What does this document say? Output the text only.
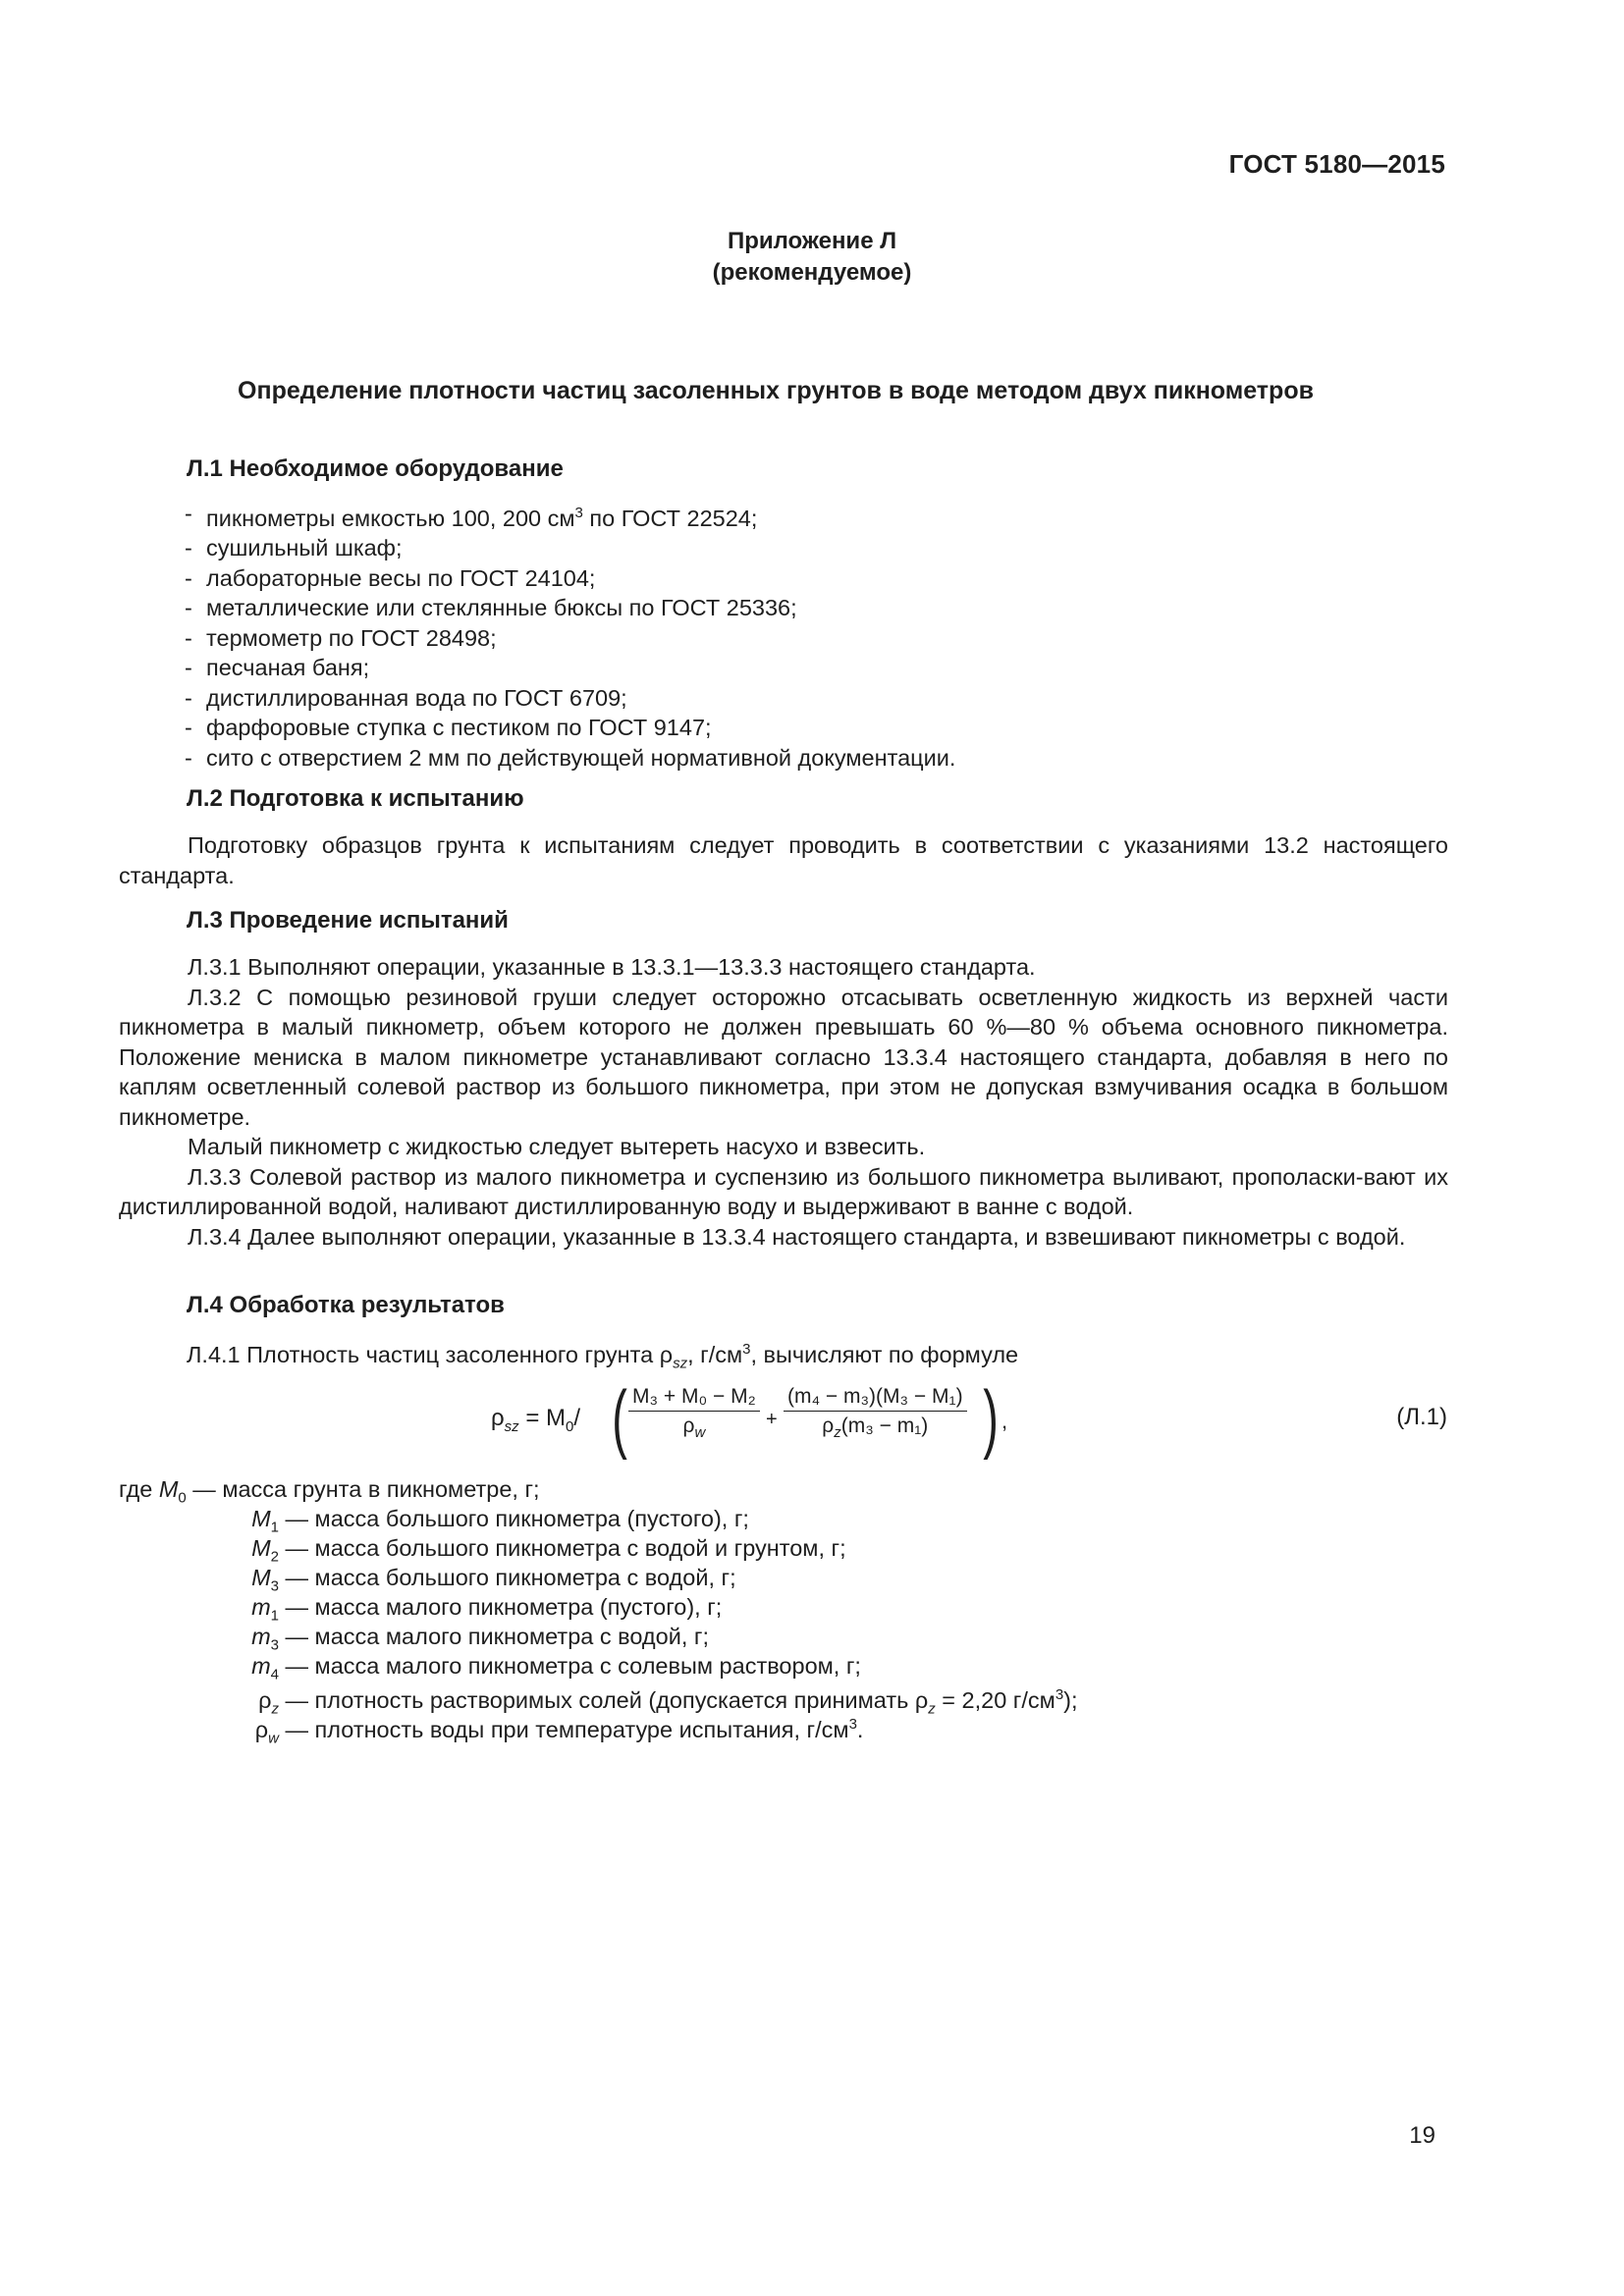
ГОСТ 5180—2015
Приложение Л
(рекомендуемое)
Определение плотности частиц засоленных грунтов в воде методом двух пикнометров
Л.1 Необходимое оборудование
- пикнометры емкостью 100, 200 $см^3$ по ГОСТ 22524;
- сушильный шкаф;
- лабораторные весы по ГОСТ 24104;
- металлические или стеклянные бюксы по ГОСТ 25336;
- термометр по ГОСТ 28498;
- песчаная баня;
- дистиллированная вода по ГОСТ 6709;
- фарфоровые ступка с пестиком по ГОСТ 9147;
- сито с отверстием 2 мм по действующей нормативной документации.
Л.2 Подготовка к испытанию
Подготовку образцов грунта к испытаниям следует проводить в соответствии с указаниями 13.2 настоящего стандарта.
Л.3 Проведение испытаний
Л.3.1 Выполняют операции, указанные в 13.3.1—13.3.3 настоящего стандарта.
Л.3.2 С помощью резиновой груши следует осторожно отсасывать осветленную жидкость из верхней части пикнометра в малый пикнометр, объем которого не должен превышать 60 %—80 % объема основного пикнометра. Положение мениска в малом пикнометре устанавливают согласно 13.3.4 настоящего стандарта, добавляя в него по каплям осветленный солевой раствор из большого пикнометра, при этом не допуская взмучивания осадка в большом пикнометре.
Малый пикнометр с жидкостью следует вытереть насухо и взвесить.
Л.3.3 Солевой раствор из малого пикнометра и суспензию из большого пикнометра выливают, прополаски-вают их дистиллированной водой, наливают дистиллированную воду и выдерживают в ванне с водой.
Л.3.4 Далее выполняют операции, указанные в 13.3.4 настоящего стандарта, и взвешивают пикнометры с водой.
Л.4 Обработка результатов
Л.4.1 Плотность частиц засоленного грунта $\rho_{sz}$, $г/см^3$, вычисляют по формуле
$\rho_{sz} = M_0/$ ( $\frac{\text{M₃ + M₀ − M₂}}{\rho_w} + \frac{\text{(m₄ − m₃)(M₃ − M₁)}}{\rho_z(m_3 - m_1)}$ ) ,	(Л.1)
где $M_0$ — масса грунта в пикнометре, г;
$M_1$ — масса большого пикнометра (пустого), г;
$M_2$ — масса большого пикнометра с водой и грунтом, г;
$M_3$ — масса большого пикнометра с водой, г;
$m_1$ — масса малого пикнометра (пустого), г;
$m_3$ — масса малого пикнометра с водой, г;
$m_4$ — масса малого пикнометра с солевым раствором, г;
$\rho_z$ — плотность растворимых солей (допускается принимать $\rho_z = 2,20$ $г/см^3$);
$\rho_w$ — плотность воды при температуре испытания, $г/см^3$.
19
